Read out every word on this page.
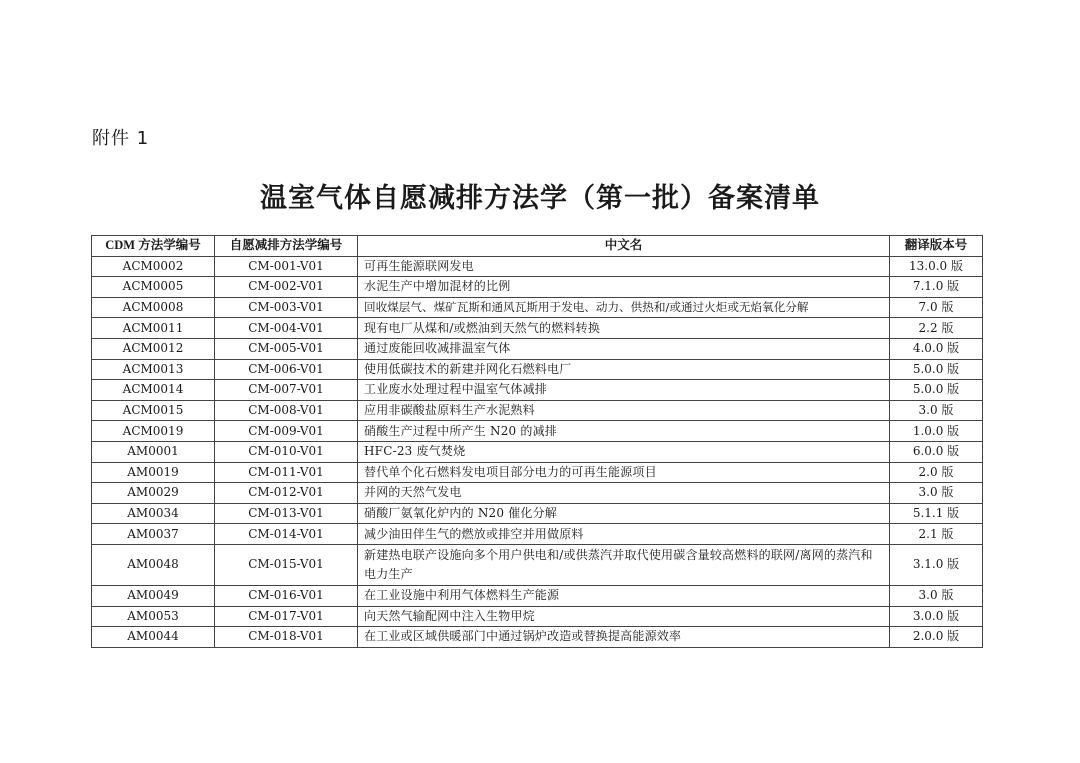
附件 1
温室气体自愿减排方法学（第一批）备案清单
CDM 方法学编号	自愿减排方法学编号	中文名	翻译版本号
ACM0002	CM-001-V01	可再生能源联网发电	13.0.0 版
ACM0005	CM-002-V01	水泥生产中增加混材的比例	7.1.0 版
ACM0008	CM-003-V01	回收煤层气、煤矿瓦斯和通风瓦斯用于发电、动力、供热和/或通过火炬或无焰氧化分解	7.0 版
ACM0011	CM-004-V01	现有电厂从煤和/或燃油到天然气的燃料转换	2.2 版
ACM0012	CM-005-V01	通过废能回收减排温室气体	4.0.0 版
ACM0013	CM-006-V01	使用低碳技术的新建并网化石燃料电厂	5.0.0 版
ACM0014	CM-007-V01	工业废水处理过程中温室气体减排	5.0.0 版
ACM0015	CM-008-V01	应用非碳酸盐原料生产水泥熟料	3.0 版
ACM0019	CM-009-V01	硝酸生产过程中所产生 N20 的减排	1.0.0 版
AM0001	CM-010-V01	HFC-23 废气焚烧	6.0.0 版
AM0019	CM-011-V01	替代单个化石燃料发电项目部分电力的可再生能源项目	2.0 版
AM0029	CM-012-V01	并网的天然气发电	3.0 版
AM0034	CM-013-V01	硝酸厂氨氧化炉内的 N20 催化分解	5.1.1 版
AM0037	CM-014-V01	减少油田伴生气的燃放或排空并用做原料	2.1 版
AM0048	CM-015-V01	新建热电联产设施向多个用户供电和/或供蒸汽并取代使用碳含量较高燃料的联网/离网的蒸汽和电力生产	3.1.0 版
AM0049	CM-016-V01	在工业设施中利用气体燃料生产能源	3.0 版
AM0053	CM-017-V01	向天然气输配网中注入生物甲烷	3.0.0 版
AM0044	CM-018-V01	在工业或区域供暖部门中通过锅炉改造或替换提高能源效率	2.0.0 版
